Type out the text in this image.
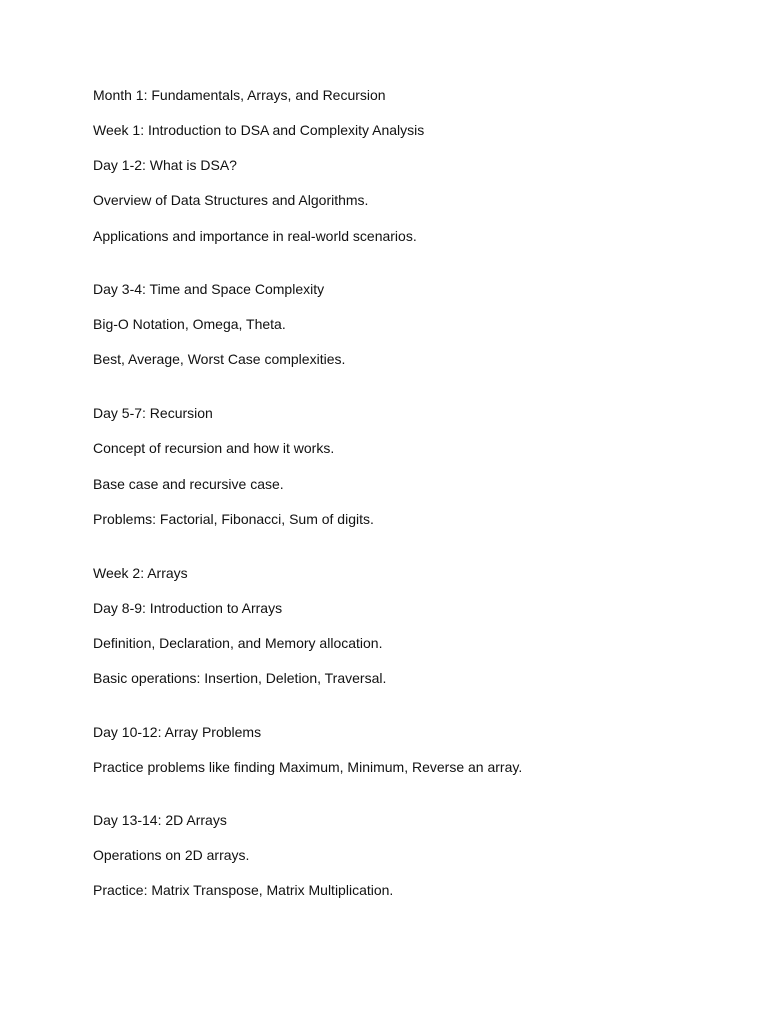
Month 1: Fundamentals, Arrays, and Recursion
Week 1: Introduction to DSA and Complexity Analysis
Day 1-2: What is DSA?
Overview of Data Structures and Algorithms.
Applications and importance in real-world scenarios.
Day 3-4: Time and Space Complexity
Big-O Notation, Omega, Theta.
Best, Average, Worst Case complexities.
Day 5-7: Recursion
Concept of recursion and how it works.
Base case and recursive case.
Problems: Factorial, Fibonacci, Sum of digits.
Week 2: Arrays
Day 8-9: Introduction to Arrays
Definition, Declaration, and Memory allocation.
Basic operations: Insertion, Deletion, Traversal.
Day 10-12: Array Problems
Practice problems like finding Maximum, Minimum, Reverse an array.
Day 13-14: 2D Arrays
Operations on 2D arrays.
Practice: Matrix Transpose, Matrix Multiplication.
